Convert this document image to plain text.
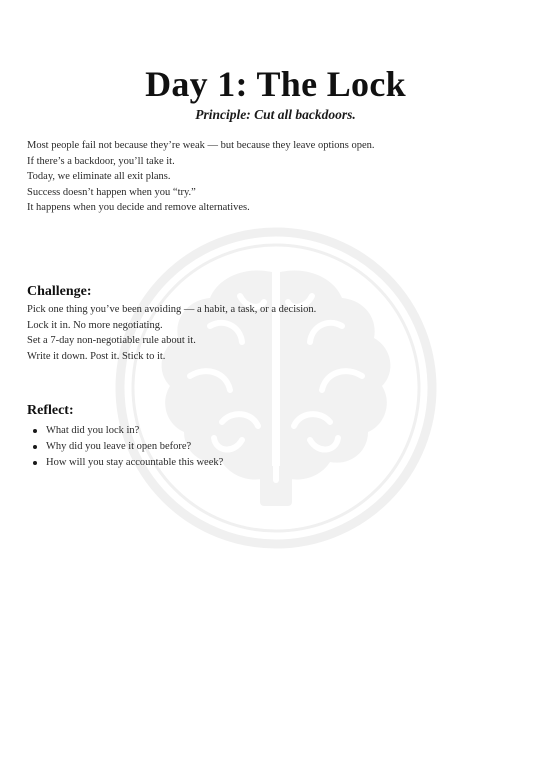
Day 1: The Lock

Principle: Cut all backdoors.

Most people fail not because they’re weak — but because they leave options open.
If there’s a backdoor, you’ll take it.
Today, we eliminate all exit plans.
Success doesn’t happen when you “try.”
It happens when you decide and remove alternatives.
Challenge:
Pick one thing you’ve been avoiding — a habit, a task, or a decision.
Lock it in. No more negotiating.
Set a 7-day non-negotiable rule about it.
Write it down. Post it. Stick to it.
Reflect:
What did you lock in?
Why did you leave it open before?
How will you stay accountable this week?
